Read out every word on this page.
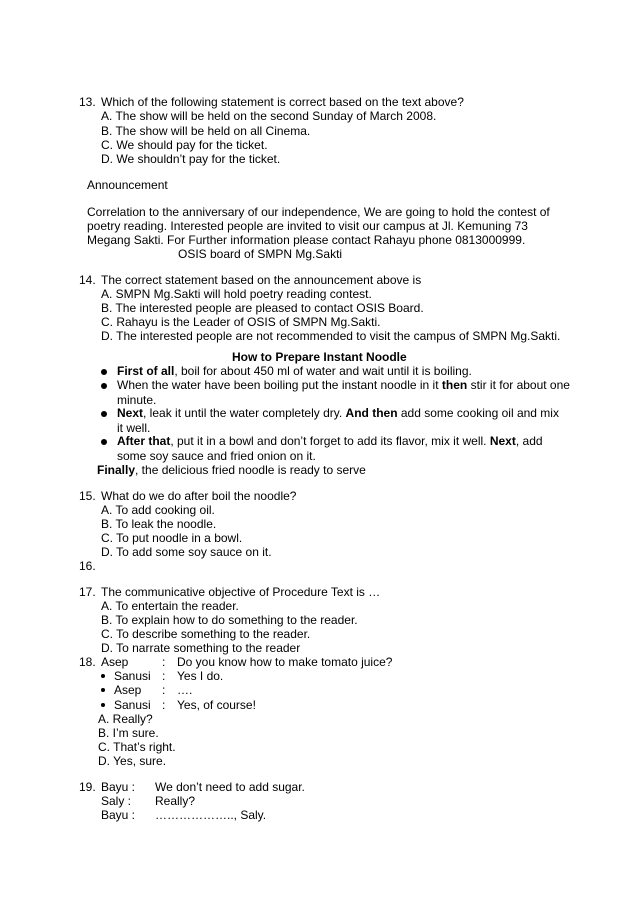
13. Which of the following statement is correct based on the text above?
A. The show will be held on the second Sunday of March 2008.
B. The show will be held on all Cinema.
C. We should pay for the ticket.
D. We shouldn’t pay for the ticket.
Announcement
Correlation to the anniversary of our independence, We are going to hold the contest of
poetry reading. Interested people are invited to visit our campus at Jl. Kemuning 73
Megang Sakti. For Further information please contact Rahayu phone 0813000999.
OSIS board of SMPN Mg.Sakti
14. The correct statement based on the announcement above is
A. SMPN Mg.Sakti will hold poetry reading contest.
B. The interested people are pleased to contact OSIS Board.
C. Rahayu is the Leader of OSIS of SMPN Mg.Sakti.
D. The interested people are not recommended to visit the campus of SMPN Mg.Sakti.
How to Prepare Instant Noodle
First of all, boil for about 450 ml of water and wait until it is boiling.
When the water have been boiling put the instant noodle in it then stir it for about one
minute.
Next, leak it until the water completely dry. And then add some cooking oil and mix
it well.
After that, put it in a bowl and don’t forget to add its flavor, mix it well. Next, add
some soy sauce and fried onion on it.
Finally, the delicious fried noodle is ready to serve
15. What do we do after boil the noodle?
A. To add cooking oil.
B. To leak the noodle.
C. To put noodle in a bowl.
D. To add some soy sauce on it.
16.
17. The communicative objective of Procedure Text is …
A. To entertain the reader.
B. To explain how to do something to the reader.
C. To describe something to the reader.
D. To narrate something to the reader
18. Asep	: Do you know how to make tomato juice?
Sanusi : Yes I do.
Asep : ….
Sanusi : Yes, of course!
A. Really?
B. I’m sure.
C. That’s right.
D. Yes, sure.
19. Bayu : We don’t need to add sugar.
Saly : Really?
Bayu : ……………….., Saly.
